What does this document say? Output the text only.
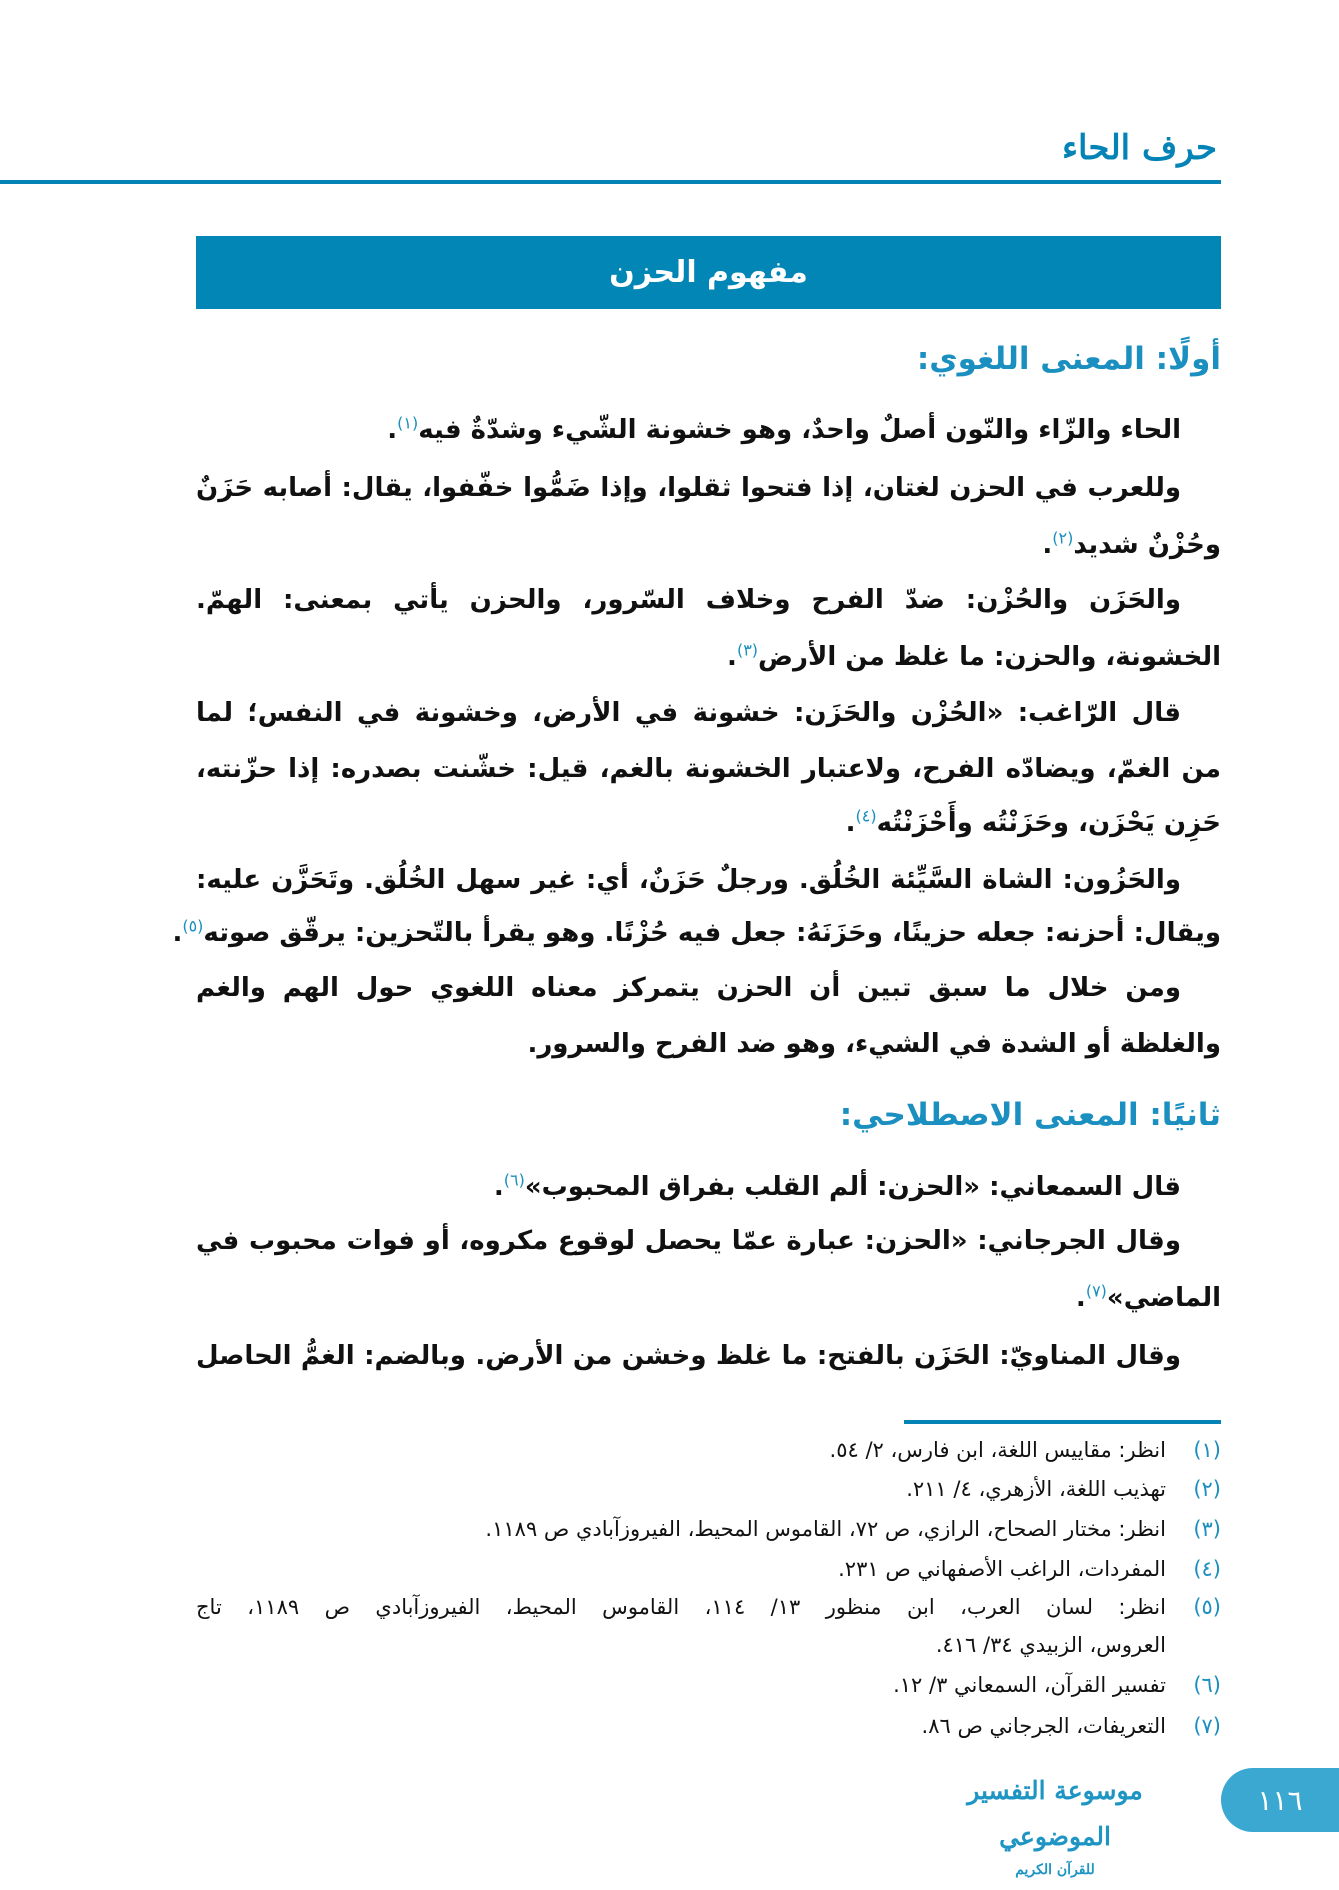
حرف الحاء
مفهوم الحزن
أولًا: المعنى اللغوي:
ثانيًا: المعنى الاصطلاحي:
الحاء والزّاء والنّون أصلٌ واحدٌ، وهو خشونة الشّيء وشدّةٌ فيه$^{(١)}$.
وللعرب في الحزن لغتان، إذا فتحوا ثقلوا، وإذا ضَمُّوا خفّفوا، يقال: أصابه حَزَنٌ
وحُزْنٌ شديد$^{(٢)}$.
والحَزَن والحُزْن: ضدّ الفرح وخلاف السّرور، والحزن يأتي بمعنى: الهمّ.
الخشونة، والحزن: ما غلظ من الأرض$^{(٣)}$.
قال الرّاغب: «الحُزْن والحَزَن: خشونة في الأرض، وخشونة في النفس؛ لما
من الغمّ، ويضادّه الفرح، ولاعتبار الخشونة بالغم، قيل: خشّنت بصدره: إذا حزّنته،
حَزِن يَحْزَن، وحَزَنْتُه وأَحْزَنْتُه$^{(٤)}$.
والحَزُون: الشاة السَّيِّئة الخُلُق. ورجلٌ حَزَنٌ، أي: غير سهل الخُلُق. وتَحَزَّن عليه:
ويقال: أحزنه: جعله حزينًا، وحَزَنَهُ: جعل فيه حُزْنًا. وهو يقرأ بالتّحزين: يرقّق صوته$^{(٥)}$.
ومن خلال ما سبق تبين أن الحزن يتمركز معناه اللغوي حول الهم والغم
والغلظة أو الشدة في الشيء، وهو ضد الفرح والسرور.
قال السمعاني: «الحزن: ألم القلب بفراق المحبوب»$^{(٦)}$.
وقال الجرجاني: «الحزن: عبارة عمّا يحصل لوقوع مكروه، أو فوات محبوب في
الماضي»$^{(٧)}$.
وقال المناويّ: الحَزَن بالفتح: ما غلظ وخشن من الأرض. وبالضم: الغمُّ الحاصل
(١)
انظر: مقاييس اللغة، ابن فارس، ٢/ ٥٤.
(٢)
تهذيب اللغة، الأزهري، ٤/ ٢١١.
(٣)
انظر: مختار الصحاح، الرازي، ص ٧٢، القاموس المحيط، الفيروزآبادي ص ١١٨٩.
(٤)
المفردات، الراغب الأصفهاني ص ٢٣١.
(٥)
انظر: لسان العرب، ابن منظور ١٣/ ١١٤، القاموس المحيط، الفيروزآبادي ص ١١٨٩، تاج
العروس، الزبيدي ٣٤/ ٤١٦.
(٦)
تفسير القرآن، السمعاني ٣/ ١٢.
(٧)
التعريفات، الجرجاني ص ٨٦.
موسوعة التفسير الموضوعي
للقرآن الكريم
١١٦
